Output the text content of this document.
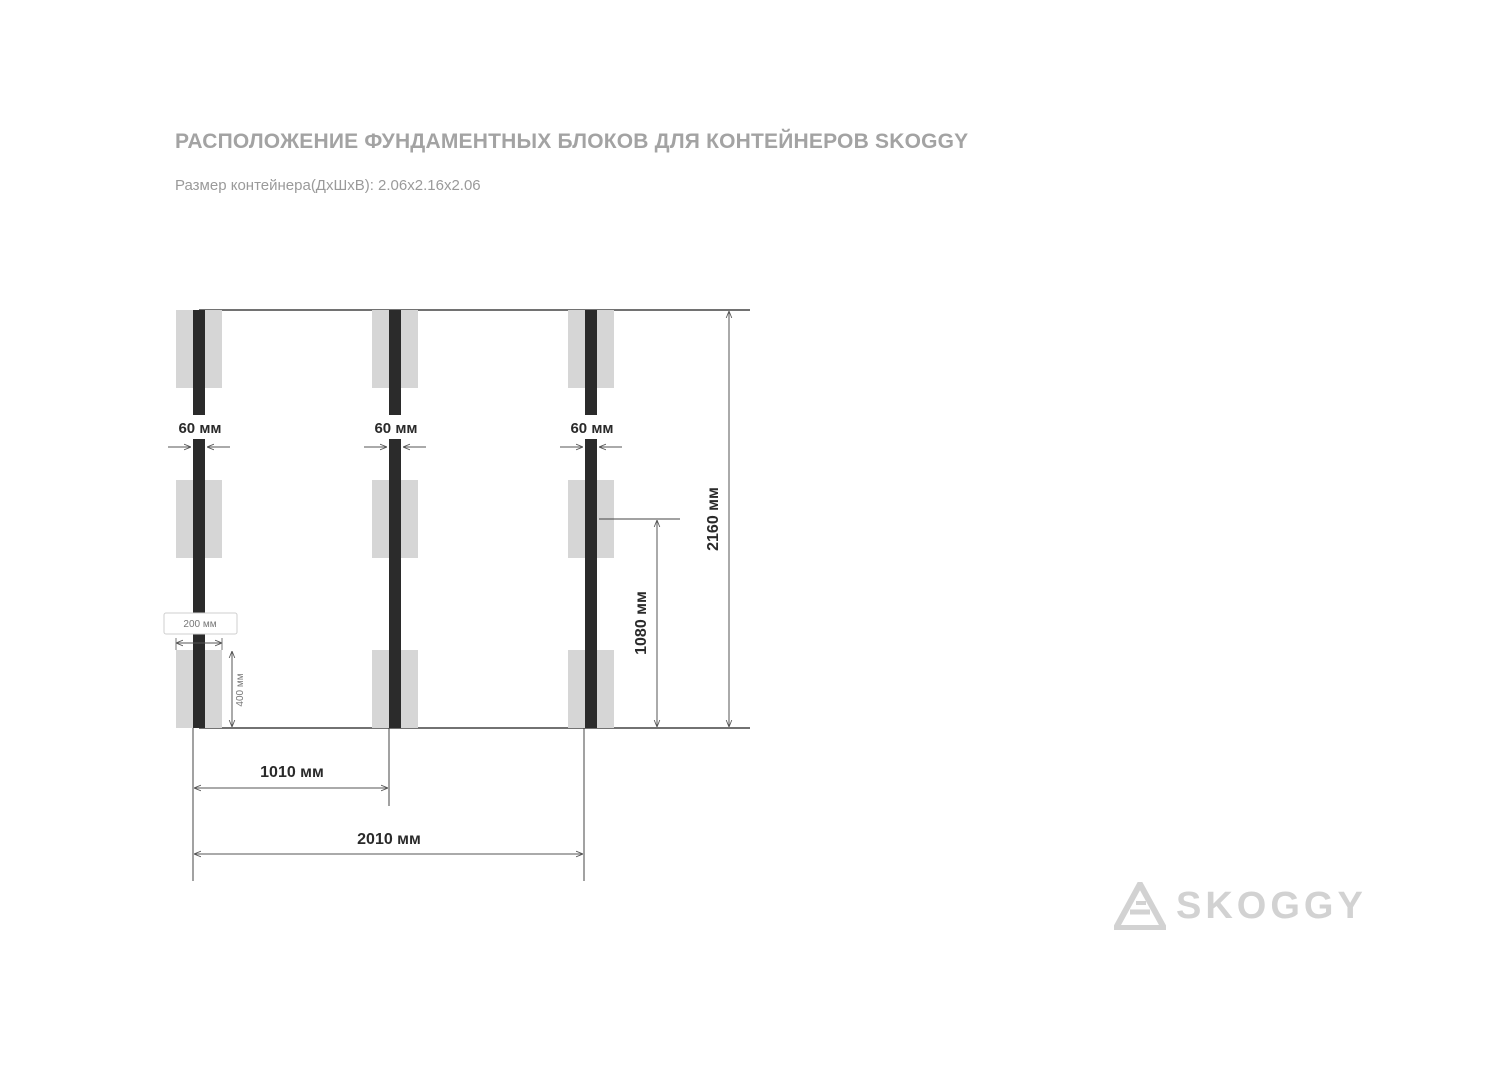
РАСПОЛОЖЕНИЕ ФУНДАМЕНТНЫХ БЛОКОВ ДЛЯ КОНТЕЙНЕРОВ SKOGGY
Размер контейнера(ДхШхВ): 2.06х2.16х2.06
60 мм	60 мм	60 мм
200 мм
400 мм
1080 мм
2160 мм
1010 мм
2010 мм
SKOGGY
